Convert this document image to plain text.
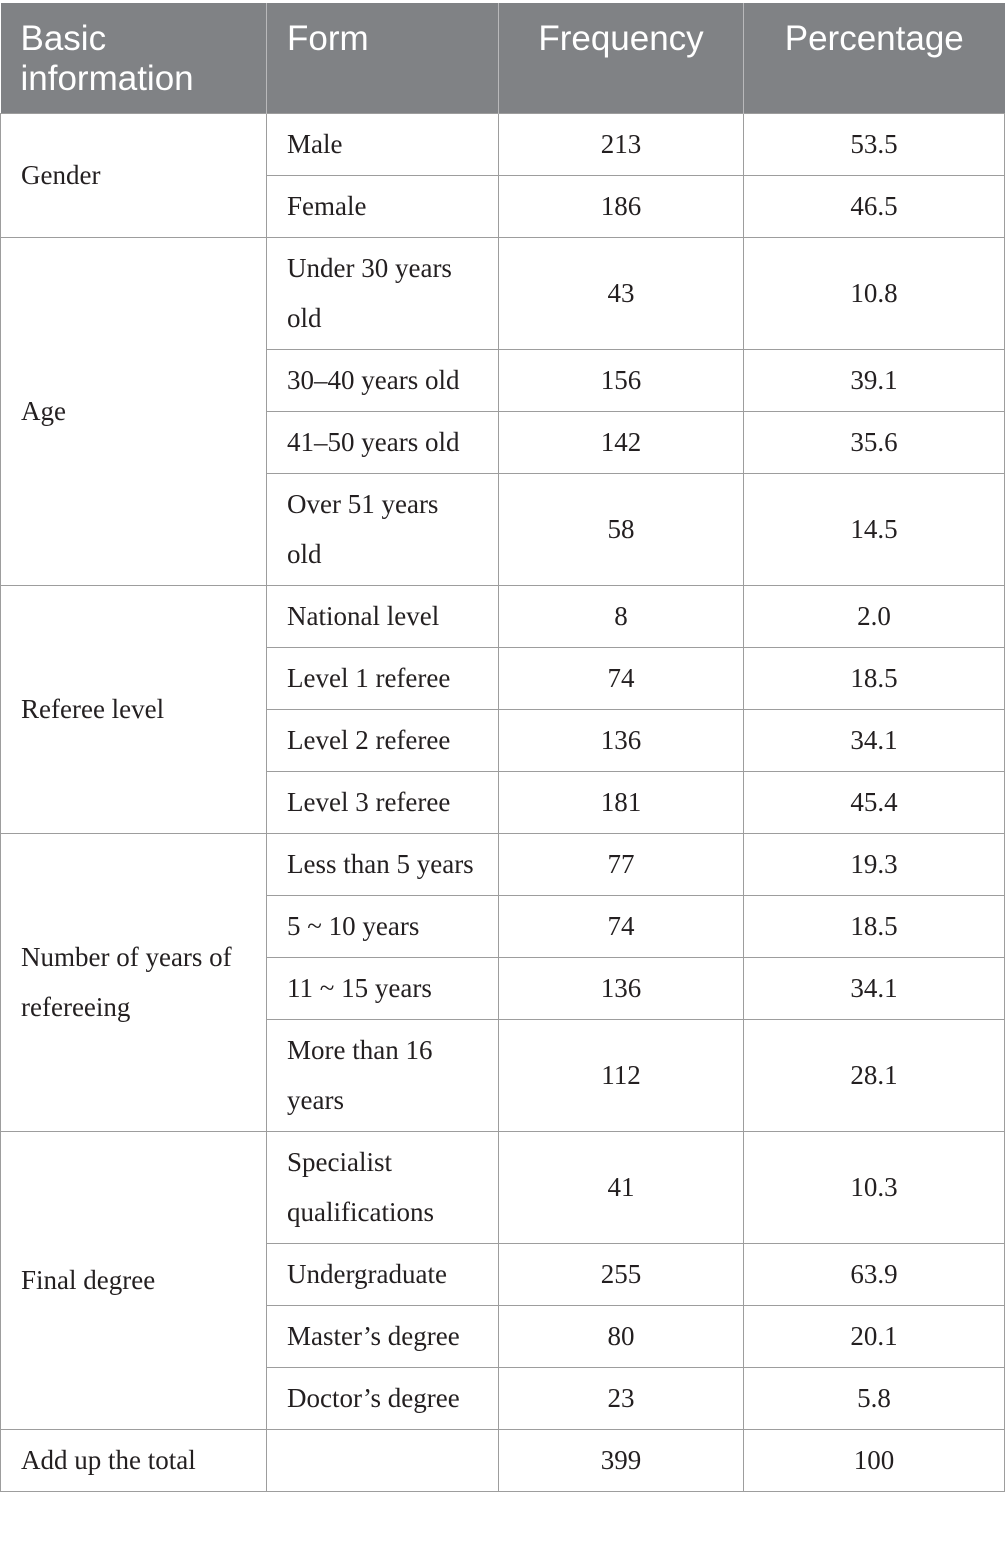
Basic information	Form	Frequency	Percentage
Gender	Male	213	53.5
	Female	186	46.5
Age	Under 30 years old	43	10.8
	30–40 years old	156	39.1
	41–50 years old	142	35.6
	Over 51 years old	58	14.5
Referee level	National level	8	2.0
	Level 1 referee	74	18.5
	Level 2 referee	136	34.1
	Level 3 referee	181	45.4
Number of years of refereeing	Less than 5 years	77	19.3
	5 ~ 10 years	74	18.5
	11 ~ 15 years	136	34.1
	More than 16 years	112	28.1
Final degree	Specialist qualifications	41	10.3
	Undergraduate	255	63.9
	Master’s degree	80	20.1
	Doctor’s degree	23	5.8
Add up the total		399	100
